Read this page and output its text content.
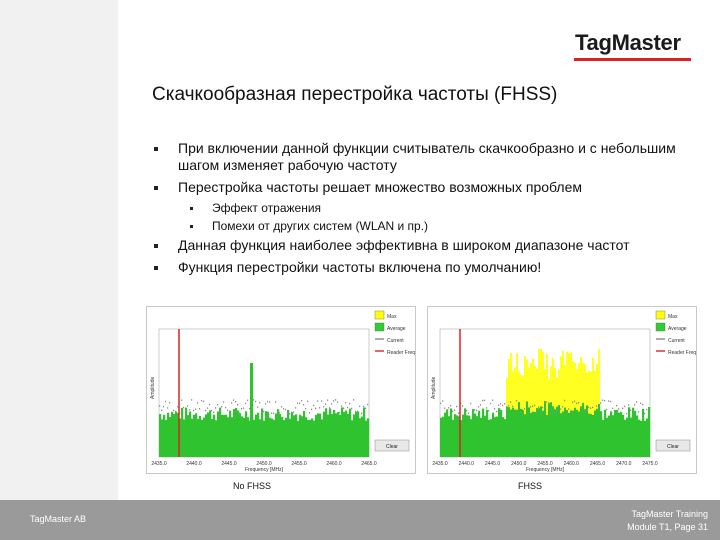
TagMaster
Скачкообразная перестройка частоты (FHSS)
При включении данной функции считыватель скачкообразно и с небольшим шагом изменяет рабочую частоту
Перестройка частоты решает множество возможных проблем
Эффект отражения
Помехи от других систем (WLAN и пр.)
Данная функция наиболее эффективна в широком диапазоне частот
Функция перестройки частоты включена по умолчанию!
Amplitude
2435.0	2440.0	2445.0	2450.0	2455.0	2460.0	2465.0
Frequency [MHz]
Max
Average
Current
Reader Freq
Clear
No FHSS
Amplitude
2435.0 2440.0 2445.0 2450.0 2455.0 2460.0 2465.0 2470.0 2475.0
Frequency [MHz]
Max
Average
Current
Reader Freq
Clear
FHSS
TagMaster AB	TagMaster Training
Module T1, Page 31
